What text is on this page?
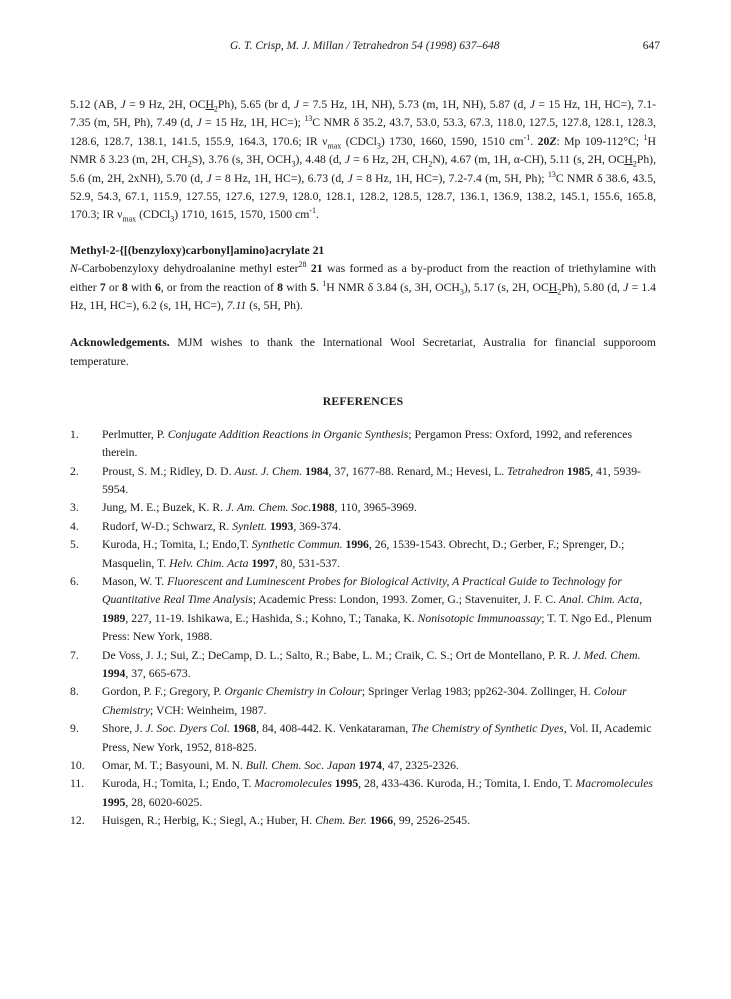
G. T. Crisp, M. J. Millan / Tetrahedron 54 (1998) 637–648	647

5.12 (AB, J = 9 Hz, 2H, $OCH_2Ph$), 5.65 (br d, J = 7.5 Hz, 1H, NH), 5.73 (m, 1H, NH), 5.87 (d, J = 15 Hz, 1H, HC=), 7.1-7.35 (m, 5H, Ph), 7.49 (d, J = 15 Hz, 1H, HC=); $^{13}$C NMR δ 35.2, 43.7, 53.0, 53.3, 67.3, 118.0, 127.5, 127.8, 128.1, 128.3, 128.6, 128.7, 138.1, 141.5, 155.9, 164.3, 170.6; IR $\nu_{max}$ (CDCl$_3$) 1730, 1660, 1590, 1510 $cm^{-1}$. 20Z: Mp 109-112°C; $^1$H NMR δ 3.23 (m, 2H, $CH_2S$), 3.76 (s, 3H, $OCH_3$), 4.48 (d, J = 6 Hz, 2H, $CH_2N$), 4.67 (m, 1H, α-CH), 5.11 (s, 2H, $OCH_2Ph$), 5.6 (m, 2H, 2xNH), 5.70 (d, J = 8 Hz, 1H, HC=), 6.73 (d, J = 8 Hz, 1H, HC=), 7.2-7.4 (m, 5H, Ph); $^{13}$C NMR δ 38.6, 43.5, 52.9, 54.3, 67.1, 115.9, 127.55, 127.6, 127.9, 128.0, 128.1, 128.2, 128.5, 128.7, 136.1, 136.9, 138.2, 145.1, 155.6, 165.8, 170.3; IR $\nu_{max}$ (CDCl$_3$) 1710, 1615, 1570, 1500 $cm^{-1}$.

Methyl-2-{[(benzyloxy)carbonyl]amino}acrylate 21

N-Carbobenzyloxy dehydroalanine methyl ester$^{28}$ 21 was formed as a by-product from the reaction of triethylamine with either 7 or 8 with 6, or from the reaction of 8 with 5. $^1$H NMR δ 3.84 (s, 3H, $OCH_3$), 5.17 (s, 2H, $OCH_2Ph$), 5.80 (d, J = 1.4 Hz, 1H, HC=), 6.2 (s, 1H, HC=), 7.11 (s, 5H, Ph).

Acknowledgements. MJM wishes to thank the International Wool Secretariat, Australia for financial supporoom temperature.

REFERENCES
1. Perlmutter, P. Conjugate Addition Reactions in Organic Synthesis; Pergamon Press: Oxford, 1992, and references therein.
2. Proust, S. M.; Ridley, D. D. Aust. J. Chem. 1984, 37, 1677-88. Renard, M.; Hevesi, L. Tetrahedron 1985, 41, 5939-5954.
3. Jung, M. E.; Buzek, K. R. J. Am. Chem. Soc.1988, 110, 3965-3969.
4. Rudorf, W-D.; Schwarz, R. Synlett. 1993, 369-374.
5. Kuroda, H.; Tomita, I.; Endo,T. Synthetic Commun. 1996, 26, 1539-1543. Obrecht, D.; Gerber, F.; Sprenger, D.; Masquelin, T. Helv. Chim. Acta 1997, 80, 531-537.
6. Mason, W. T. Fluorescent and Luminescent Probes for Biological Activity, A Practical Guide to Technology for Quantitative Real Time Analysis; Academic Press: London, 1993. Zomer, G.; Stavenuiter, J. F. C. Anal. Chim. Acta, 1989, 227, 11-19. Ishikawa, E.; Hashida, S.; Kohno, T.; Tanaka, K. Nonisotopic Immunoassay; T. T. Ngo Ed., Plenum Press: New York, 1988.
7. De Voss, J. J.; Sui, Z.; DeCamp, D. L.; Salto, R.; Babe, L. M.; Craik, C. S.; Ort de Montellano, P. R. J. Med. Chem. 1994, 37, 665-673.
8. Gordon, P. F.; Gregory, P. Organic Chemistry in Colour; Springer Verlag 1983; pp262-304. Zollinger, H. Colour Chemistry; VCH: Weinheim, 1987.
9. Shore, J. J. Soc. Dyers Col. 1968, 84, 408-442. K. Venkataraman, The Chemistry of Synthetic Dyes, Vol. II, Academic Press, New York, 1952, 818-825.
10. Omar, M. T.; Basyouni, M. N. Bull. Chem. Soc. Japan 1974, 47, 2325-2326.
11. Kuroda, H.; Tomita, I.; Endo, T. Macromolecules 1995, 28, 433-436. Kuroda, H.; Tomita, I. Endo, T. Macromolecules 1995, 28, 6020-6025.
12. Huisgen, R.; Herbig, K.; Siegl, A.; Huber, H. Chem. Ber. 1966, 99, 2526-2545.
